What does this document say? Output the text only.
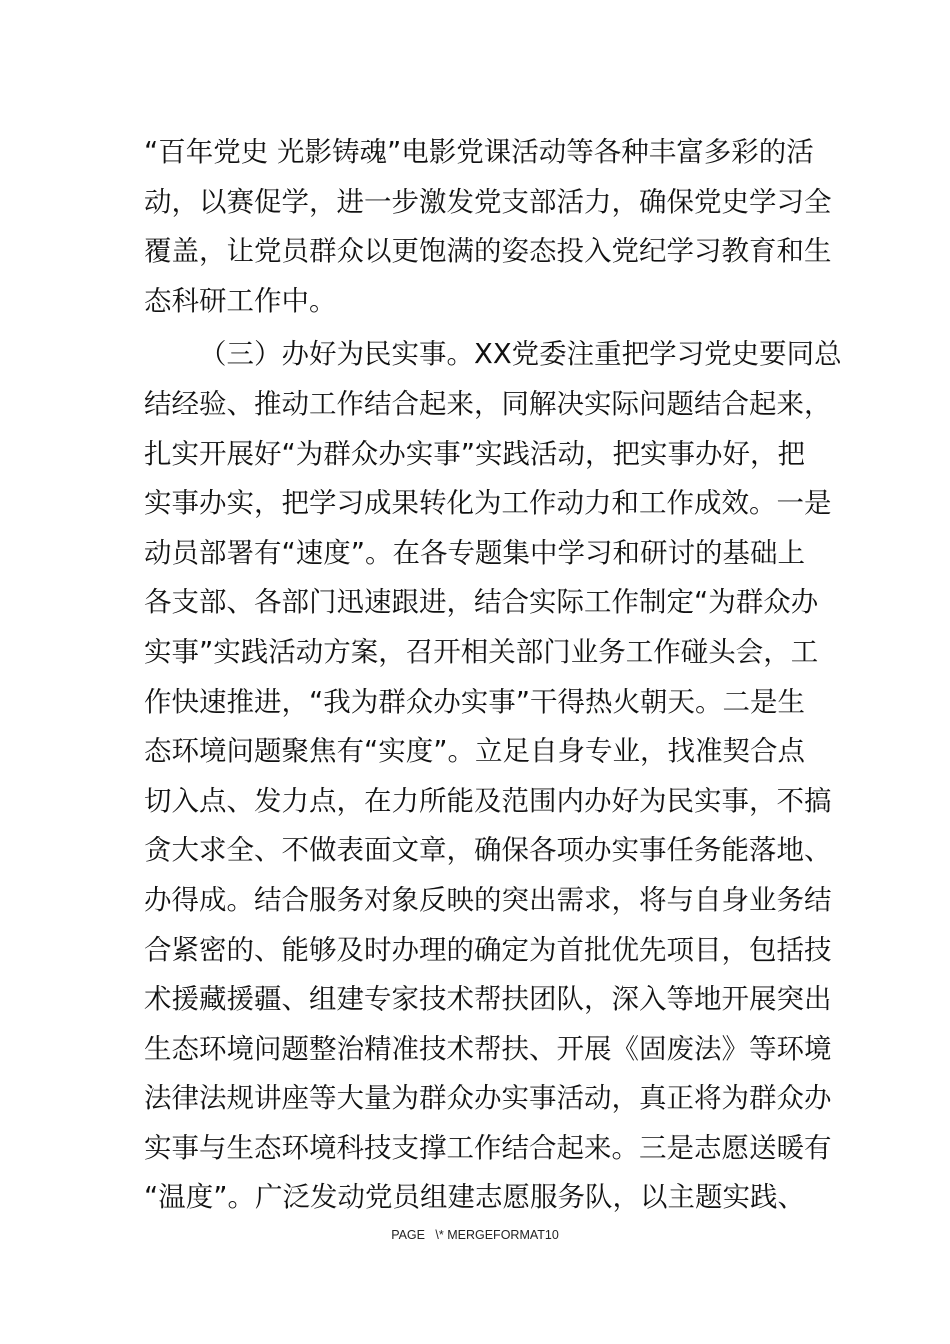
“百年党史 光影铸魂”电影党课活动等各种丰富多彩的活
动，以赛促学，进一步激发党支部活力，确保党史学习全
覆盖，让党员群众以更饱满的姿态投入党纪学习教育和生
态科研工作中。
（三）办好为民实事。XX党委注重把学习党史要同总
结经验、推动工作结合起来，同解决实际问题结合起来，
扎实开展好“为群众办实事”实践活动，把实事办好，把
实事办实，把学习成果转化为工作动力和工作成效。一是
动员部署有“速度”。在各专题集中学习和研讨的基础上
各支部、各部门迅速跟进，结合实际工作制定“为群众办
实事”实践活动方案，召开相关部门业务工作碰头会，工
作快速推进，“我为群众办实事”干得热火朝天。二是生
态环境问题聚焦有“实度”。立足自身专业，找准契合点
切入点、发力点，在力所能及范围内办好为民实事，不搞
贪大求全、不做表面文章，确保各项办实事任务能落地、
办得成。结合服务对象反映的突出需求，将与自身业务结
合紧密的、能够及时办理的确定为首批优先项目，包括技
术援藏援疆、组建专家技术帮扶团队，深入等地开展突出
生态环境问题整治精准技术帮扶、开展《固废法》等环境
法律法规讲座等大量为群众办实事活动，真正将为群众办
实事与生态环境科技支撑工作结合起来。三是志愿送暖有
“温度”。广泛发动党员组建志愿服务队，以主题实践、
PAGE   \* MERGEFORMAT10
